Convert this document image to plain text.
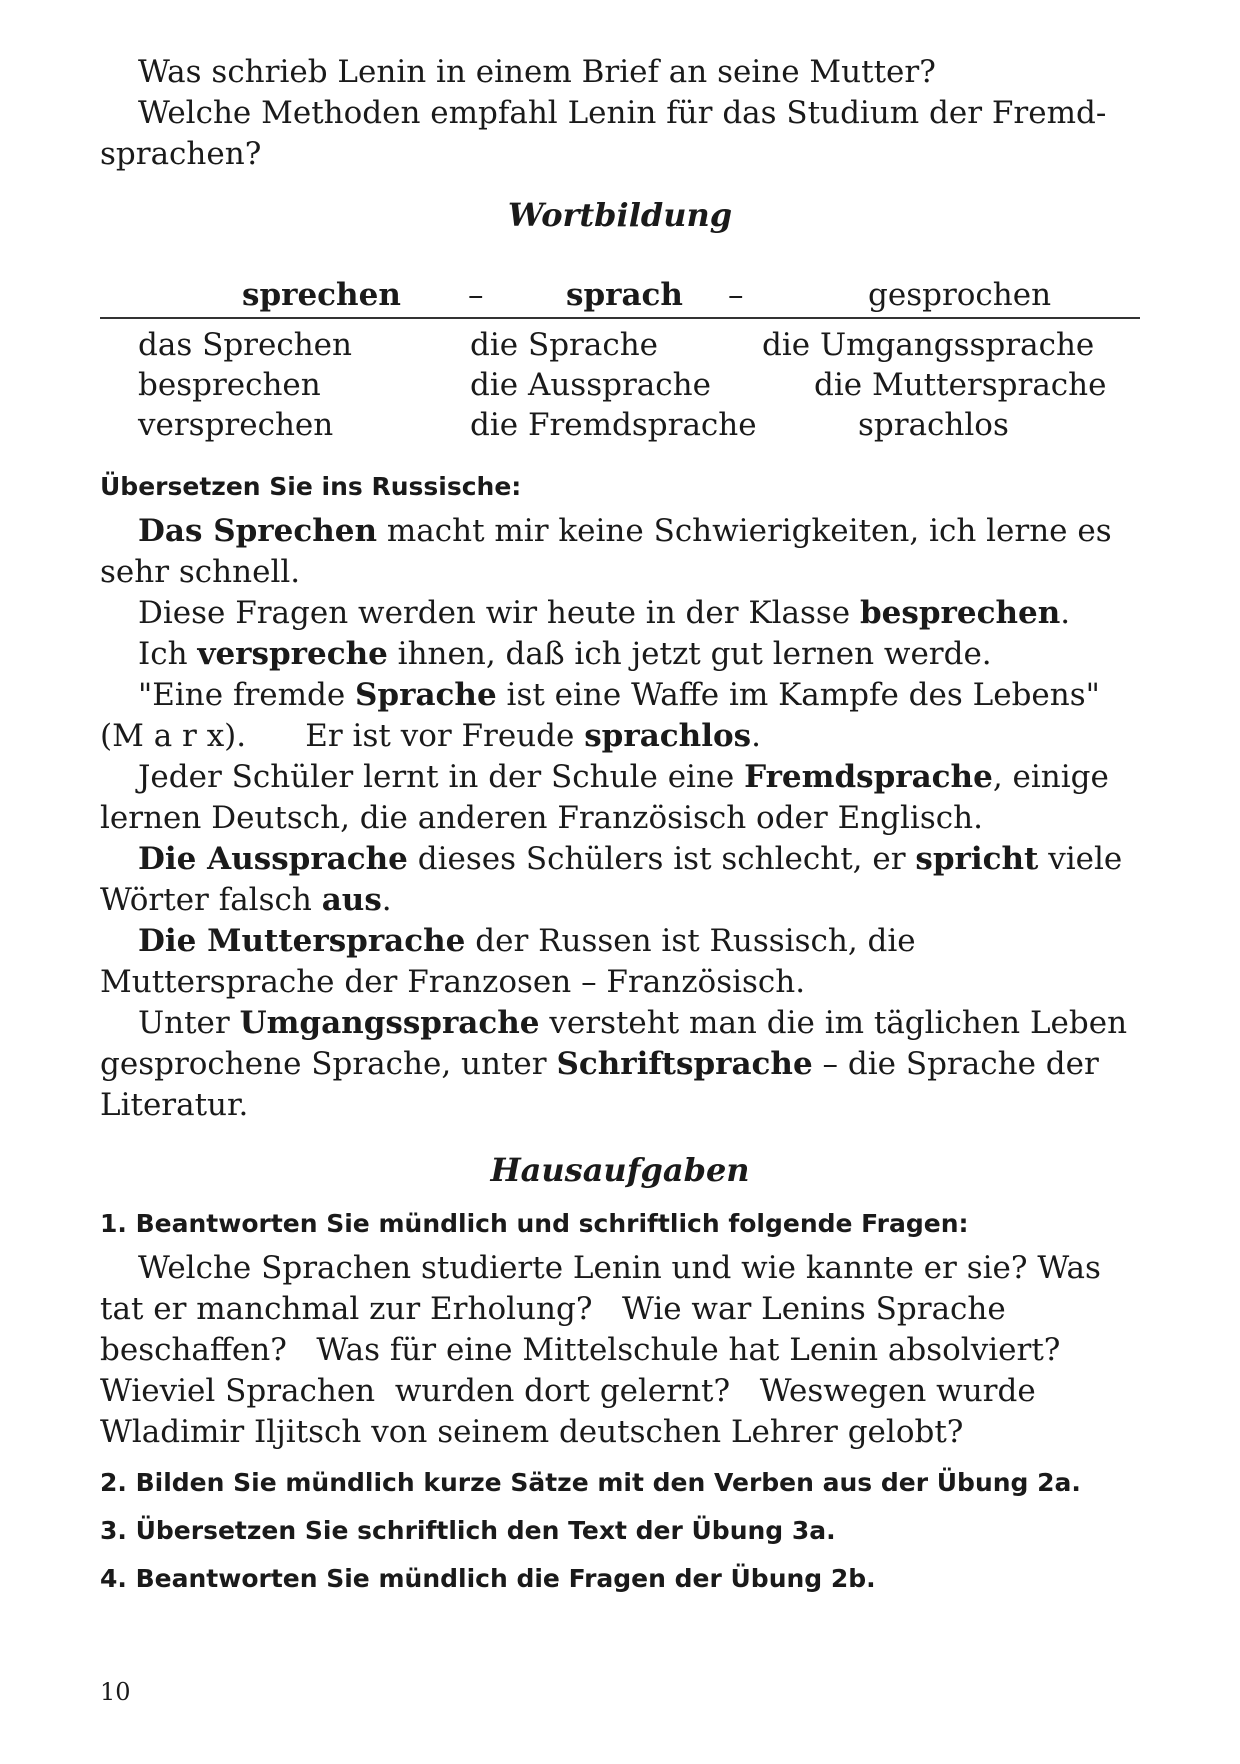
Was schrieb Lenin in einem Brief an seine Mutter?

Welche Methoden empfahl Lenin für das Studium der Fremd-sprachen?

Wortbildung

sprechen –	sprach –	gesprochen
das Sprechen
besprechen
versprechen
die Sprache
die Aussprache
die Fremdsprache
die Umgangssprache
die Muttersprache
sprachlos

Übersetzen Sie ins Russische:

Das Sprechen macht mir keine Schwierigkeiten, ich lerne es sehr schnell.

Diese Fragen werden wir heute in der Klasse besprechen.

Ich verspreche ihnen, daß ich jetzt gut lernen werde.

"Eine fremde Sprache ist eine Waffe im Kampfe des Lebens" (M a r x).      Er ist vor Freude sprachlos.

Jeder Schüler lernt in der Schule eine Fremdsprache, einige lernen Deutsch, die anderen Französisch oder Englisch.

Die Aussprache dieses Schülers ist schlecht, er spricht viele Wörter falsch aus.

Die Muttersprache der Russen ist Russisch, die Muttersprache der Franzosen – Französisch.

Unter Umgangssprache versteht man die im täglichen Leben gesprochene Sprache, unter Schriftsprache – die Sprache der Literatur.

Hausaufgaben

1. Beantworten Sie mündlich und schriftlich folgende Fragen:

Welche Sprachen studierte Lenin und wie kannte er sie? Was tat er manchmal zur Erholung?   Wie war Lenins Sprache beschaffen?   Was für eine Mittelschule hat Lenin absolviert? Wieviel Sprachen  wurden dort gelernt?   Weswegen wurde Wladimir Iljitsch von seinem deutschen Lehrer gelobt?

2. Bilden Sie mündlich kurze Sätze mit den Verben aus der Übung 2a.

3. Übersetzen Sie schriftlich den Text der Übung 3a.

4. Beantworten Sie mündlich die Fragen der Übung 2b.

10
